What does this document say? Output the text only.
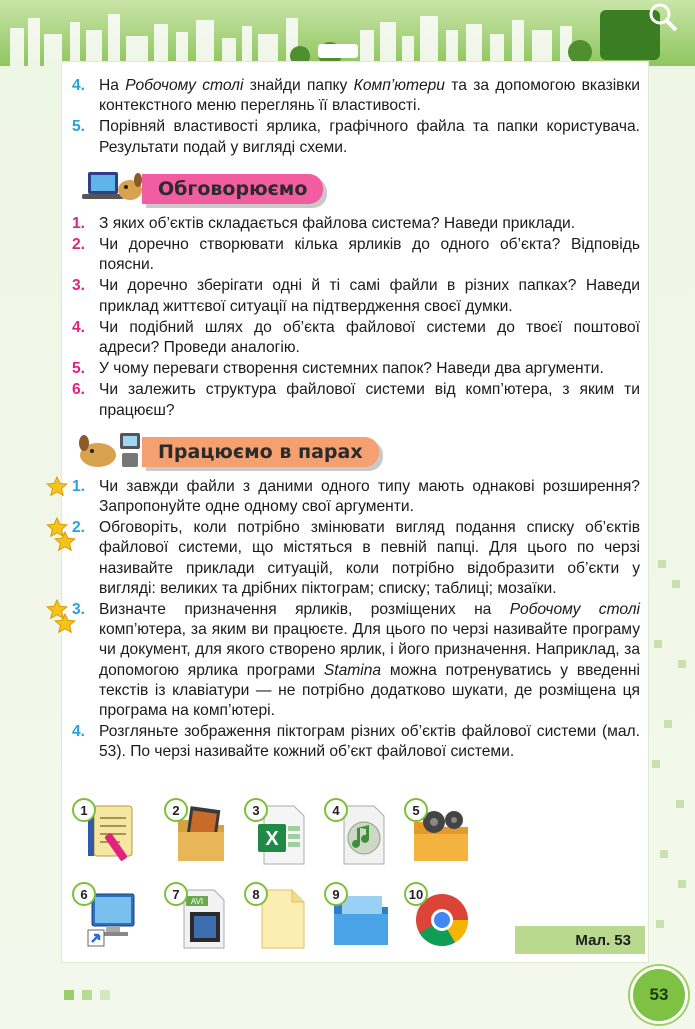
4. На Робочому столі знайди папку Комп’ютери та за допомогою вказівки контекстного меню переглянь її властивості.
5. Порівняй властивості ярлика, графічного файла та папки користувача. Результати подай у вигляді схеми.
Обговорюємо
1. З яких об’єктів складається файлова система? Наведи приклади.
2. Чи доречно створювати кілька ярликів до одного об’єкта? Відповідь поясни.
3. Чи доречно зберігати одні й ті самі файли в різних папках? Наведи приклад життєвої ситуації на підтвердження своєї думки.
4. Чи подібний шлях до об’єкта файлової системи до твоєї поштової адреси? Проведи аналогію.
5. У чому переваги створення системних папок? Наведи два аргументи.
6. Чи залежить структура файлової системи від комп’ютера, з яким ти працюєш?
Працюємо в парах
1. Чи завжди файли з даними одного типу мають однакові розширення? Запропонуйте одне одному свої аргументи.
2. Обговоріть, коли потрібно змінювати вигляд подання списку об’єктів файлової системи, що містяться в певній папці. Для цього по черзі називайте приклади ситуацій, коли потрібно відобразити об’єкти у вигляді: великих та дрібних піктограм; списку; таблиці; мозаїки.
3. Визначте призначення ярликів, розміщених на Робочому столі комп’ютера, за яким ви працюєте. Для цього по черзі називайте програму чи документ, для якого створено ярлик, і його призначення. Наприклад, за допомогою ярлика програми Stamina можна потренуватись у введенні текстів із клавіатури — не потрібно додатково шукати, де розміщена ця програма на комп’ютері.
4. Розгляньте зображення піктограм різних об’єктів файлової системи (мал. 53). По черзі називайте кожний об’єкт файлової системи.
1	2	3
X
4	5
6	7	AVI	8	9	10
Мал. 53
53
